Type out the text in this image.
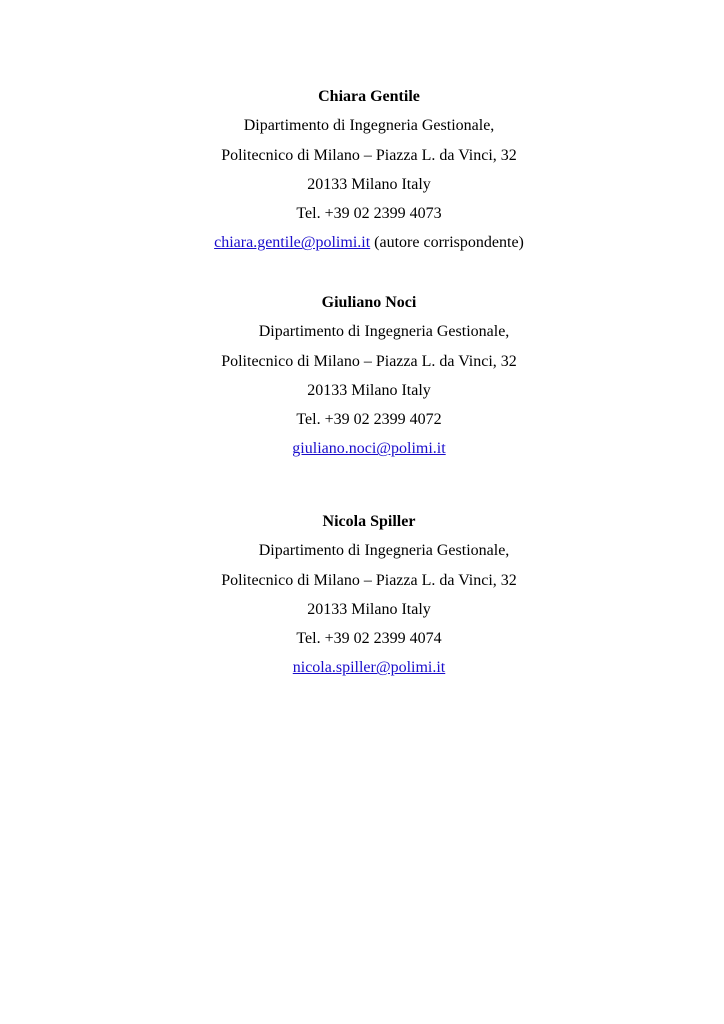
Chiara Gentile
Dipartimento di Ingegneria Gestionale,
Politecnico di Milano – Piazza L. da Vinci, 32
20133 Milano Italy
Tel. +39 02 2399 4073
chiara.gentile@polimi.it (autore corrispondente)
Giuliano Noci
Dipartimento di Ingegneria Gestionale,
Politecnico di Milano – Piazza L. da Vinci, 32
20133 Milano Italy
Tel. +39 02 2399 4072
giuliano.noci@polimi.it
Nicola Spiller
Dipartimento di Ingegneria Gestionale,
Politecnico di Milano – Piazza L. da Vinci, 32
20133 Milano Italy
Tel. +39 02 2399 4074
nicola.spiller@polimi.it
